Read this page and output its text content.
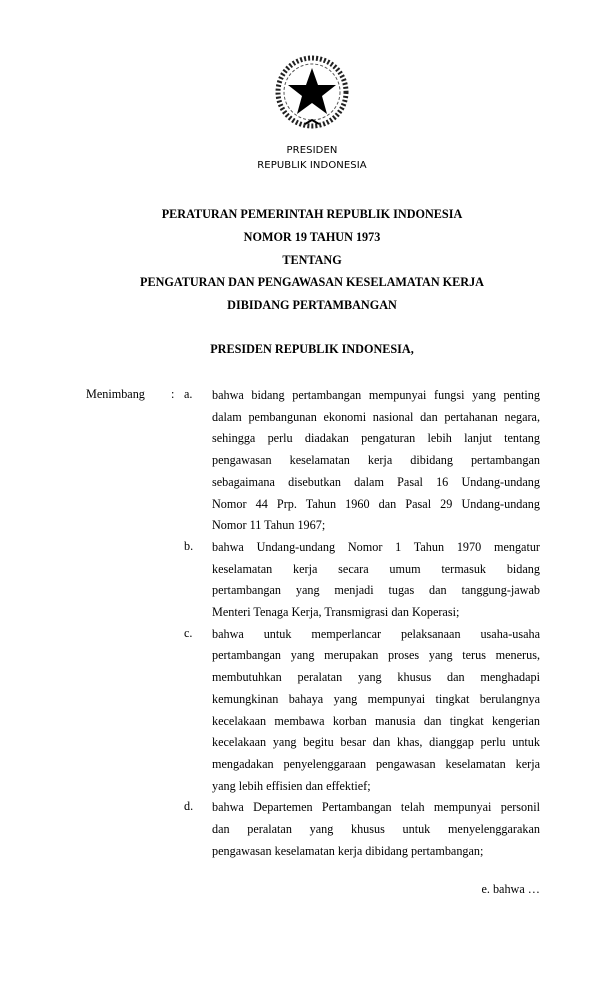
PRESIDEN
REPUBLIK INDONESIA
PERATURAN PEMERINTAH REPUBLIK INDONESIA
NOMOR 19 TAHUN 1973
TENTANG
PENGATURAN DAN PENGAWASAN KESELAMATAN KERJA
DIBIDANG PERTAMBANGAN
PRESIDEN REPUBLIK INDONESIA,
Menimbang : a. bahwa bidang pertambangan mempunyai fungsi yang penting
dalam pembangunan ekonomi nasional dan pertahanan negara,
sehingga perlu diadakan pengaturan lebih lanjut tentang
pengawasan keselamatan kerja dibidang pertambangan
sebagaimana disebutkan dalam Pasal 16 Undang-undang
Nomor 44 Prp. Tahun 1960 dan Pasal 29 Undang-undang
Nomor 11 Tahun 1967;
b. bahwa Undang-undang Nomor 1 Tahun 1970 mengatur
keselamatan kerja secara umum termasuk bidang
pertambangan yang menjadi tugas dan tanggung-jawab
Menteri Tenaga Kerja, Transmigrasi dan Koperasi;
c. bahwa untuk memperlancar pelaksanaan usaha-usaha
pertambangan yang merupakan proses yang terus menerus,
membutuhkan peralatan yang khusus dan menghadapi
kemungkinan bahaya yang mempunyai tingkat berulangnya
kecelakaan membawa korban manusia dan tingkat kengerian
kecelakaan yang begitu besar dan khas, dianggap perlu untuk
mengadakan penyelenggaraan pengawasan keselamatan kerja
yang lebih effisien dan effektief;
d. bahwa Departemen Pertambangan telah mempunyai personil
dan peralatan yang khusus untuk menyelenggarakan
pengawasan keselamatan kerja dibidang pertambangan;
e. bahwa …
